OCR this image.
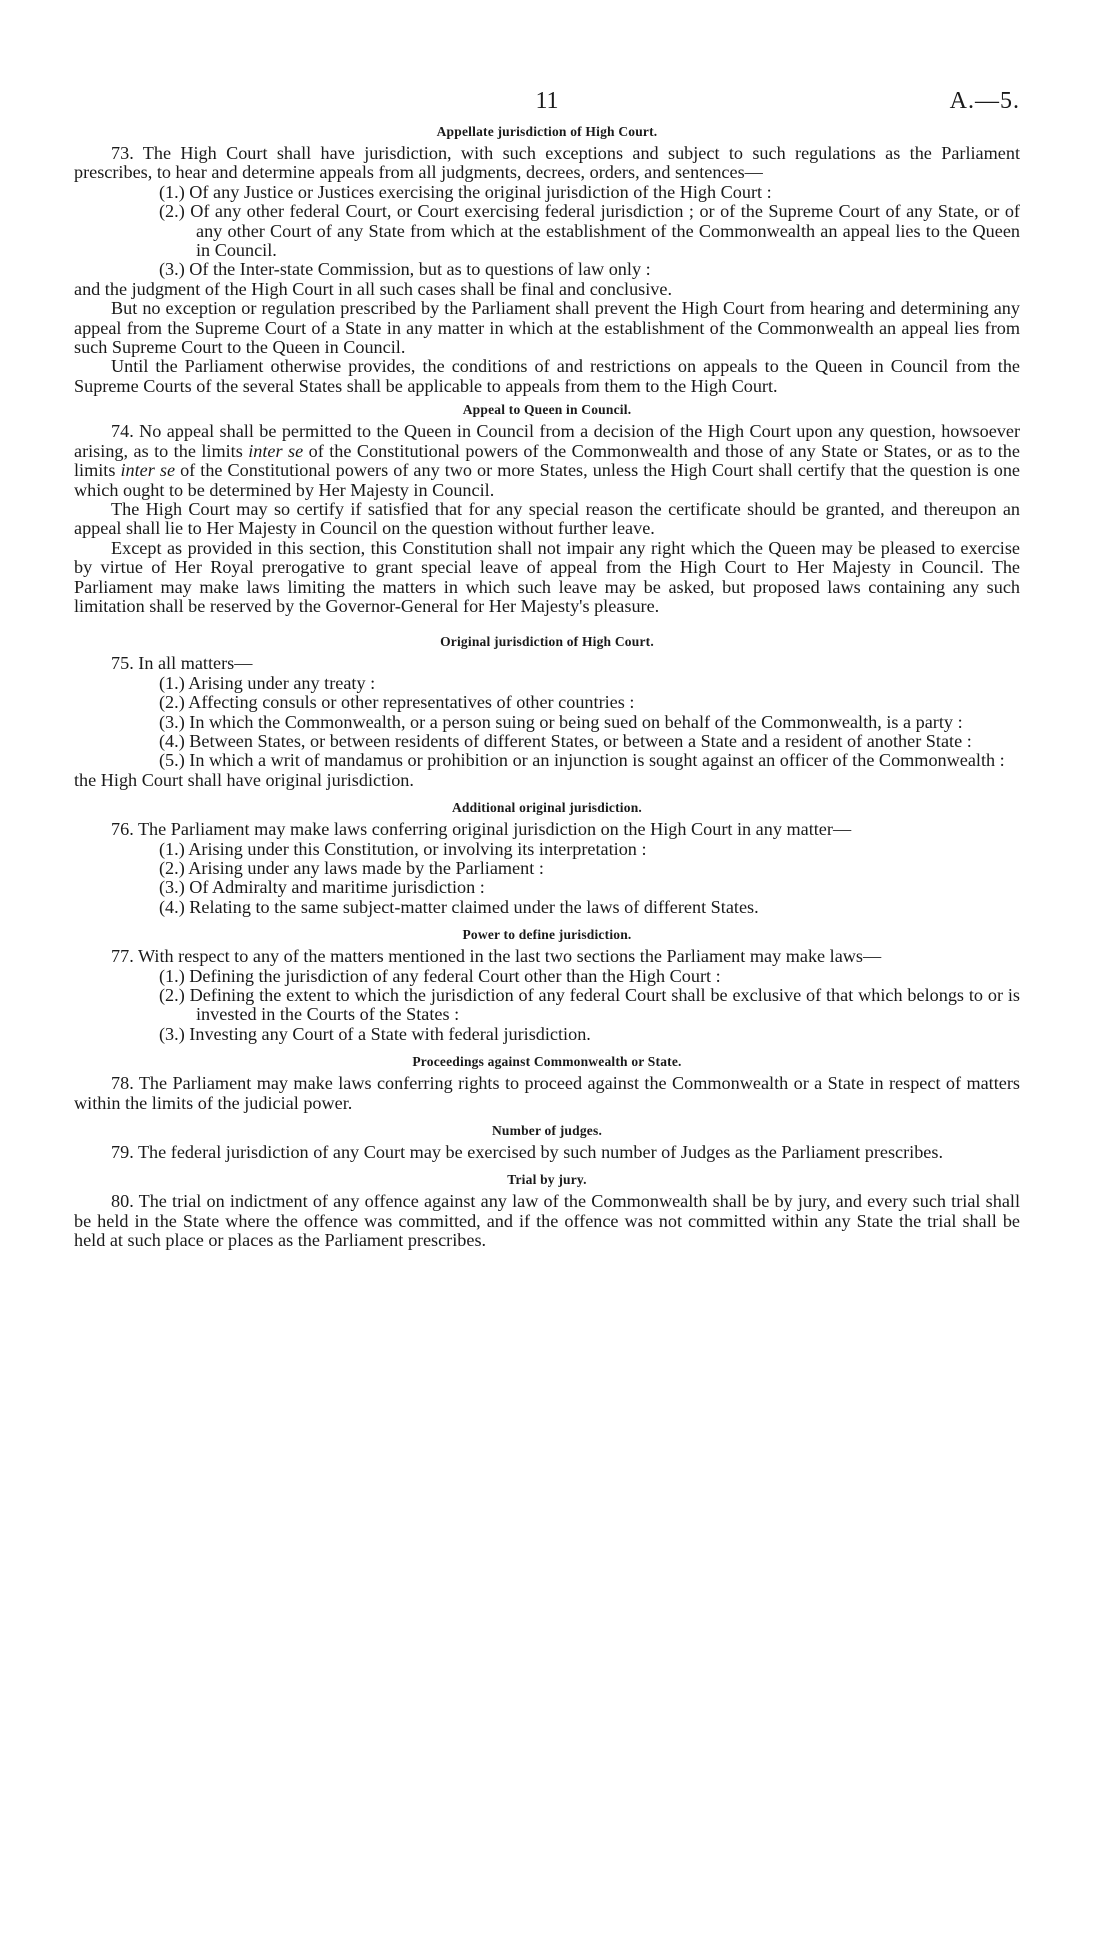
11	A.—5.
Appellate jurisdiction of High Court.

73. The High Court shall have jurisdiction, with such exceptions and subject to such regulations as the Parliament prescribes, to hear and determine appeals from all judgments, decrees, orders, and sentences—

(1.) Of any Justice or Justices exercising the original jurisdiction of the High Court :

(2.) Of any other federal Court, or Court exercising federal jurisdiction ; or of the Supreme Court of any State, or of any other Court of any State from which at the establishment of the Commonwealth an appeal lies to the Queen in Council.

(3.) Of the Inter-state Commission, but as to questions of law only :

and the judgment of the High Court in all such cases shall be final and conclusive.

But no exception or regulation prescribed by the Parliament shall prevent the High Court from hearing and determining any appeal from the Supreme Court of a State in any matter in which at the establishment of the Commonwealth an appeal lies from such Supreme Court to the Queen in Council.

Until the Parliament otherwise provides, the conditions of and restrictions on appeals to the Queen in Council from the Supreme Courts of the several States shall be applicable to appeals from them to the High Court.

Appeal to Queen in Council.

74. No appeal shall be permitted to the Queen in Council from a decision of the High Court upon any question, howsoever arising, as to the limits inter se of the Constitutional powers of the Commonwealth and those of any State or States, or as to the limits inter se of the Constitutional powers of any two or more States, unless the High Court shall certify that the question is one which ought to be determined by Her Majesty in Council.

The High Court may so certify if satisfied that for any special reason the certificate should be granted, and thereupon an appeal shall lie to Her Majesty in Council on the question without further leave.

Except as provided in this section, this Constitution shall not impair any right which the Queen may be pleased to exercise by virtue of Her Royal prerogative to grant special leave of appeal from the High Court to Her Majesty in Council. The Parliament may make laws limiting the matters in which such leave may be asked, but proposed laws containing any such limitation shall be reserved by the Governor-General for Her Majesty's pleasure.

Original jurisdiction of High Court.

75. In all matters—

(1.) Arising under any treaty :

(2.) Affecting consuls or other representatives of other countries :

(3.) In which the Commonwealth, or a person suing or being sued on behalf of the Commonwealth, is a party :

(4.) Between States, or between residents of different States, or between a State and a resident of another State :

(5.) In which a writ of mandamus or prohibition or an injunction is sought against an officer of the Commonwealth :

the High Court shall have original jurisdiction.

Additional original jurisdiction.

76. The Parliament may make laws conferring original jurisdiction on the High Court in any matter—

(1.) Arising under this Constitution, or involving its interpretation :

(2.) Arising under any laws made by the Parliament :

(3.) Of Admiralty and maritime jurisdiction :

(4.) Relating to the same subject-matter claimed under the laws of different States.

Power to define jurisdiction.

77. With respect to any of the matters mentioned in the last two sections the Parliament may make laws—

(1.) Defining the jurisdiction of any federal Court other than the High Court :

(2.) Defining the extent to which the jurisdiction of any federal Court shall be exclusive of that which belongs to or is invested in the Courts of the States :

(3.) Investing any Court of a State with federal jurisdiction.

Proceedings against Commonwealth or State.

78. The Parliament may make laws conferring rights to proceed against the Commonwealth or a State in respect of matters within the limits of the judicial power.

Number of judges.

79. The federal jurisdiction of any Court may be exercised by such number of Judges as the Parliament prescribes.

Trial by jury.

80. The trial on indictment of any offence against any law of the Commonwealth shall be by jury, and every such trial shall be held in the State where the offence was committed, and if the offence was not committed within any State the trial shall be held at such place or places as the Parliament prescribes.
